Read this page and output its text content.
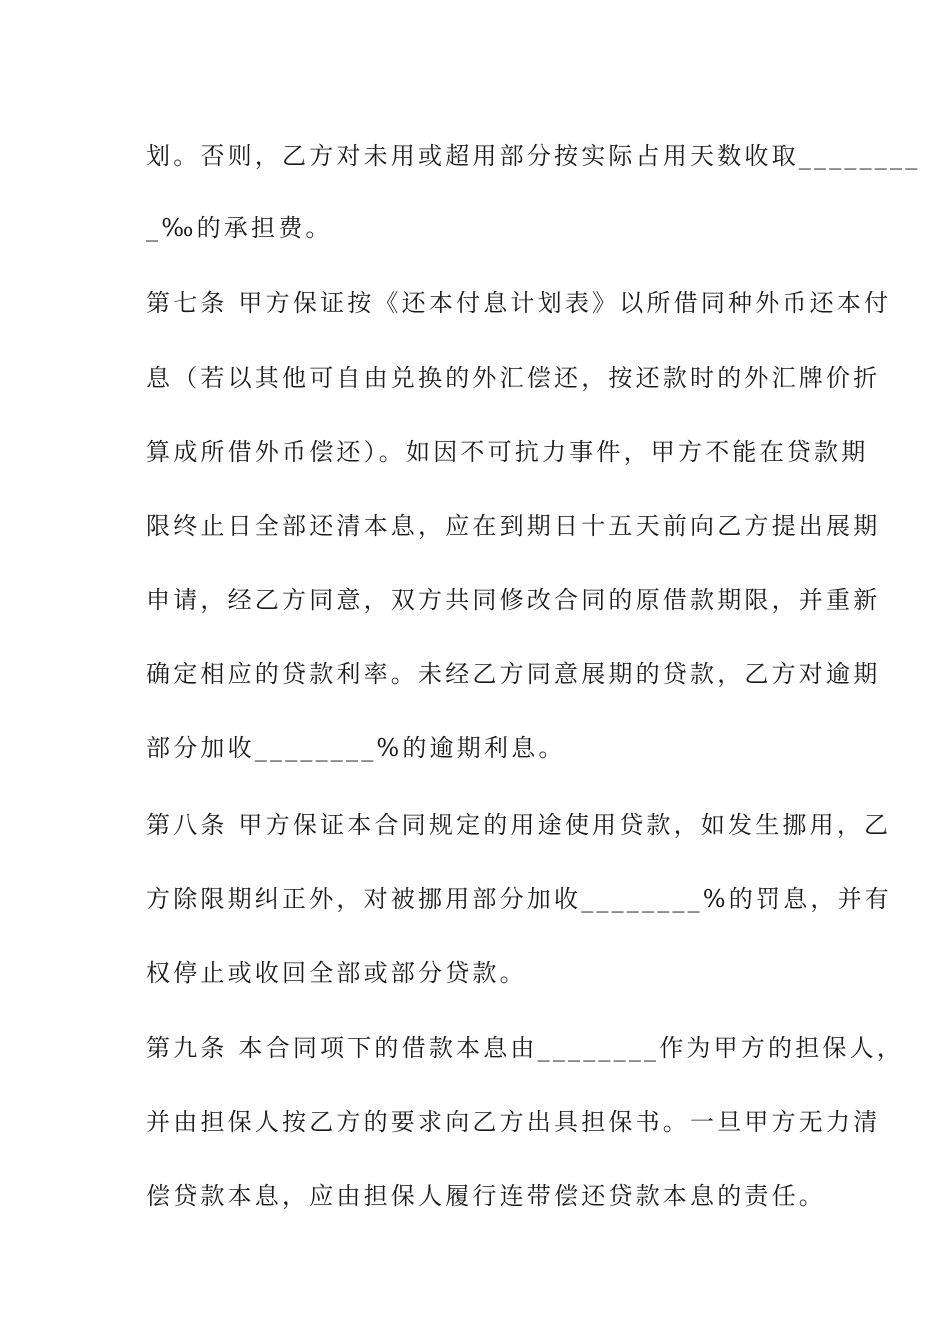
划。否则，乙方对未用或超用部分按实际占用天数收取________
_‰的承担费。
第七条 甲方保证按《还本付息计划表》以所借同种外币还本付
息（若以其他可自由兑换的外汇偿还，按还款时的外汇牌价折
算成所借外币偿还）。如因不可抗力事件，甲方不能在贷款期
限终止日全部还清本息，应在到期日十五天前向乙方提出展期
申请，经乙方同意，双方共同修改合同的原借款期限，并重新
确定相应的贷款利率。未经乙方同意展期的贷款，乙方对逾期
部分加收________%的逾期利息。
第八条 甲方保证本合同规定的用途使用贷款，如发生挪用，乙
方除限期纠正外，对被挪用部分加收________%的罚息，并有
权停止或收回全部或部分贷款。
第九条 本合同项下的借款本息由________作为甲方的担保人，
并由担保人按乙方的要求向乙方出具担保书。一旦甲方无力清
偿贷款本息，应由担保人履行连带偿还贷款本息的责任。
